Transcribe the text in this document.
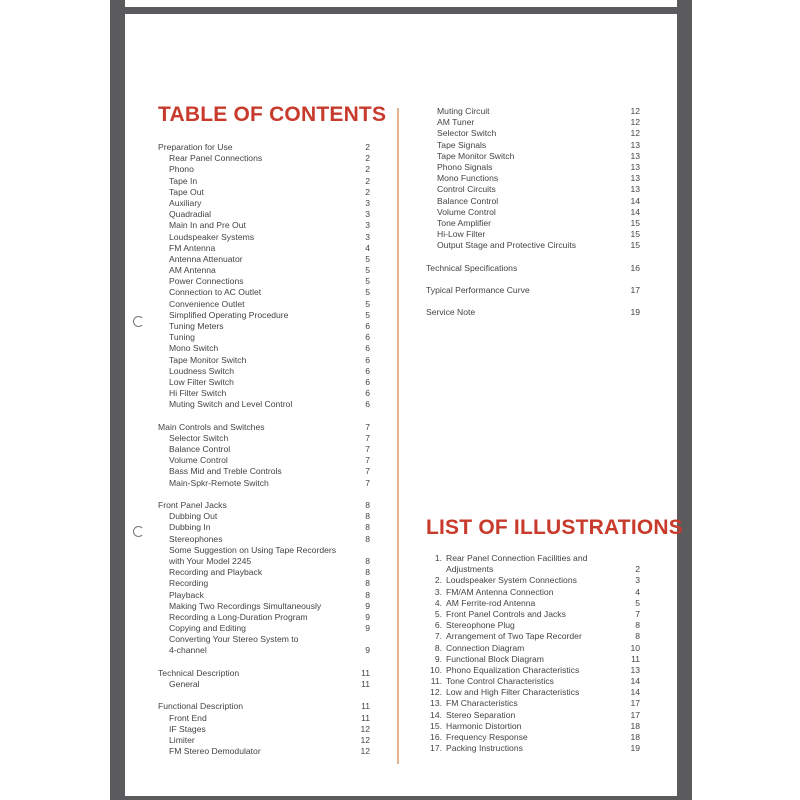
TABLE OF CONTENTS
LIST OF ILLUSTRATIONS
Preparation for Use	2
Rear Panel Connections	2
Phono	2
Tape In	2
Tape Out	2
Auxiliary	3
Quadradial	3
Main In and Pre Out	3
Loudspeaker Systems	3
FM Antenna	4
Antenna Attenuator	5
AM Antenna	5
Power Connections	5
Connection to AC Outlet	5
Convenience Outlet	5
Simplified Operating Procedure	5
Tuning Meters	6
Tuning	6
Mono Switch	6
Tape Monitor Switch	6
Loudness Switch	6
Low Filter Switch	6
Hi Filter Switch	6
Muting Switch and Level Control	6
Main Controls and Switches	7
Selector Switch	7
Balance Control	7
Volume Control	7
Bass Mid and Treble Controls	7
Main-Spkr-Remote Switch	7
Front Panel Jacks	8
Dubbing Out	8
Dubbing In	8
Stereophones	8
Some Suggestion on Using Tape Recorders
with Your Model 2245	8
Recording and Playback	8
Recording	8
Playback	8
Making Two Recordings Simultaneously	9
Recording a Long-Duration Program	9
Copying and Editing	9
Converting Your Stereo System to
4-channel	9
Technical Description	11
General	11
Functional Description	11
Front End	11
IF Stages	12
Limiter	12
FM Stereo Demodulator	12
Muting Circuit	12
AM Tuner	12
Selector Switch	12
Tape Signals	13
Tape Monitor Switch	13
Phono Signals	13
Mono Functions	13
Control Circuits	13
Balance Control	14
Volume Control	14
Tone Amplifier	15
Hi-Low Filter	15
Output Stage and Protective Circuits	15
Technical Specifications	16
Typical Performance Curve	17
Service Note	19
1. Rear Panel Connection Facilities and
Adjustments	2
2. Loudspeaker System Connections	3
3. FM/AM Antenna Connection	4
4. AM Ferrite-rod Antenna	5
5. Front Panel Controls and Jacks	7
6. Stereophone Plug	8
7. Arrangement of Two Tape Recorder	8
8. Connection Diagram	10
9. Functional Block Diagram	11
10. Phono Equalization Characteristics	13
11. Tone Control Characteristics	14
12. Low and High Filter Characteristics	14
13. FM Characteristics	17
14. Stereo Separation	17
15. Harmonic Distortion	18
16. Frequency Response	18
17. Packing Instructions	19
